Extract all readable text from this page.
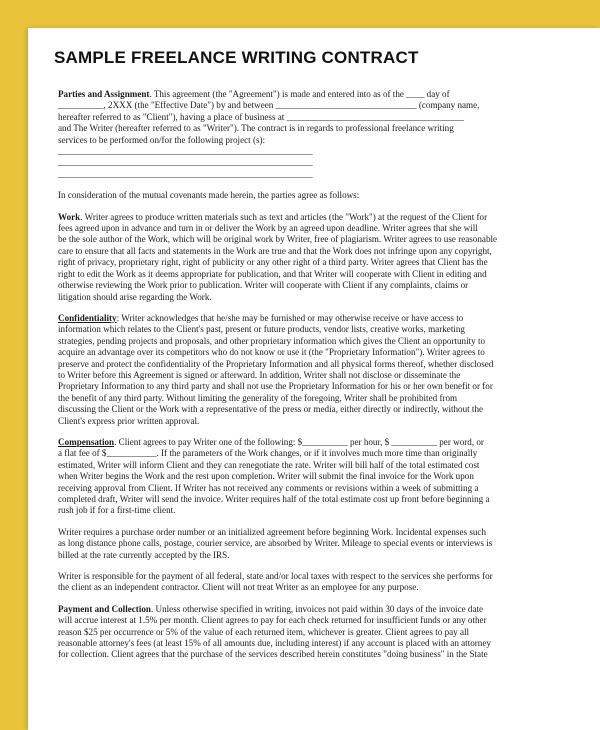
SAMPLE FREELANCE WRITING CONTRACT
Parties and Assignment. This agreement (the "Agreement") is made and entered into as of the ____ day of
__________, 2XXX (the "Effective Date") by and between _______________________________ (company name,
hereafter referred to as "Client"), having a place of business at _______________________________________
and The Writer (hereafter referred to as "Writer"). The contract is in regards to professional freelance writing
services to be performed on/for the following project (s):
________________________________________________________
________________________________________________________
________________________________________________________
In consideration of the mutual covenants made herein, the parties agree as follows:
Work. Writer agrees to produce written materials such as text and articles (the "Work") at the request of the Client for
fees agreed upon in advance and turn in or deliver the Work by an agreed upon deadline. Writer agrees that she will
be the sole author of the Work, which will be original work by Writer, free of plagiarism. Writer agrees to use reasonable
care to ensure that all facts and statements in the Work are true and that the Work does not infringe upon any copyright,
right of privacy, proprietary right, right of publicity or any other right of a third party. Writer agrees that Client has the
right to edit the Work as it deems appropriate for publication, and that Writer will cooperate with Client in editing and
otherwise reviewing the Work prior to publication. Writer will cooperate with Client if any complaints, claims or
litigation should arise regarding the Work.
Confidentiality: Writer acknowledges that he/she may be furnished or may otherwise receive or have access to
information which relates to the Client's past, present or future products, vendor lists, creative works, marketing
strategies, pending projects and proposals, and other proprietary information which gives the Client an opportunity to
acquire an advantage over its competitors who do not know or use it (the "Proprietary Information"). Writer agrees to
preserve and protect the confidentiality of the Proprietary Information and all physical forms thereof, whether disclosed
to Writer before this Agreement is signed or afterward. In addition, Writer shall not disclose or disseminate the
Proprietary Information to any third party and shall not use the Proprietary Information for his or her own benefit or for
the benefit of any third party. Without limiting the generality of the foregoing, Writer shall be prohibited from
discussing the Client or the Work with a representative of the press or media, either directly or indirectly, without the
Client's express prior written approval.
Compensation. Client agrees to pay Writer one of the following: $__________ per hour, $ __________ per word, or
a flat fee of $___________. If the parameters of the Work changes, or if it involves much more time than originally
estimated, Writer will inform Client and they can renegotiate the rate. Writer will bill half of the total estimated cost
when Writer begins the Work and the rest upon completion. Writer will submit the final invoice for the Work upon
receiving approval from Client. If Writer has not received any comments or revisions within a week of submitting a
completed draft, Writer will send the invoice. Writer requires half of the total estimate cost up front before beginning a
rush job if for a first-time client.
Writer requires a purchase order number or an initialized agreement before beginning Work. Incidental expenses such
as long distance phone calls, postage, courier service, are absorbed by Writer. Mileage to special events or interviews is
billed at the rate currently accepted by the IRS.
Writer is responsible for the payment of all federal, state and/or local taxes with respect to the services she performs for
the client as an independent contractor. Client will not treat Writer as an employee for any purpose.
Payment and Collection. Unless otherwise specified in writing, invoices not paid within 30 days of the invoice date
will accrue interest at 1.5% per month. Client agrees to pay for each check returned for insufficient funds or any other
reason $25 per occurrence or 5% of the value of each returned item, whichever is greater. Client agrees to pay all
reasonable attorney's fees (at least 15% of all amounts due, including interest) if any account is placed with an attorney
for collection. Client agrees that the purchase of the services described herein constitutes "doing business" in the State
